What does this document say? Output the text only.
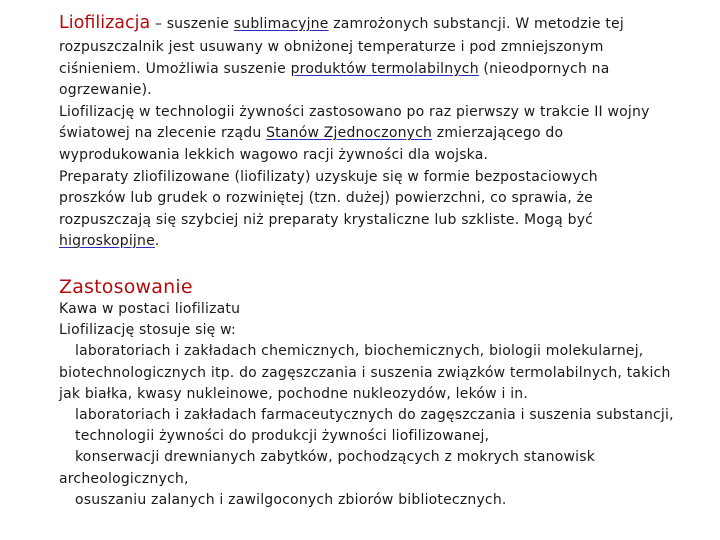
Liofilizacja – suszenie sublimacyjne zamrożonych substancji. W metodzie tej

rozpuszczalnik jest usuwany w obniżonej temperaturze i pod zmniejszonym

ciśnieniem. Umożliwia suszenie produktów termolabilnych (nieodpornych na

ogrzewanie).

Liofilizację w technologii żywności zastosowano po raz pierwszy w trakcie II wojny

światowej na zlecenie rządu Stanów Zjednoczonych zmierzającego do

wyprodukowania lekkich wagowo racji żywności dla wojska.

Preparaty zliofilizowane (liofilizaty) uzyskuje się w formie bezpostaciowych

proszków lub grudek o rozwiniętej (tzn. dużej) powierzchni, co sprawia, że

rozpuszczają się szybciej niż preparaty krystaliczne lub szkliste. Mogą być

higroskopijne.

Zastosowanie

Kawa w postaci liofilizatu

Liofilizację stosuje się w:

laboratoriach i zakładach chemicznych, biochemicznych, biologii molekularnej,

biotechnologicznych itp. do zagęszczania i suszenia związków termolabilnych, takich

jak białka, kwasy nukleinowe, pochodne nukleozydów, leków i in.

laboratoriach i zakładach farmaceutycznych do zagęszczania i suszenia substancji,

technologii żywności do produkcji żywności liofilizowanej,

konserwacji drewnianych zabytków, pochodzących z mokrych stanowisk

archeologicznych,

osuszaniu zalanych i zawilgoconych zbiorów bibliotecznych.
